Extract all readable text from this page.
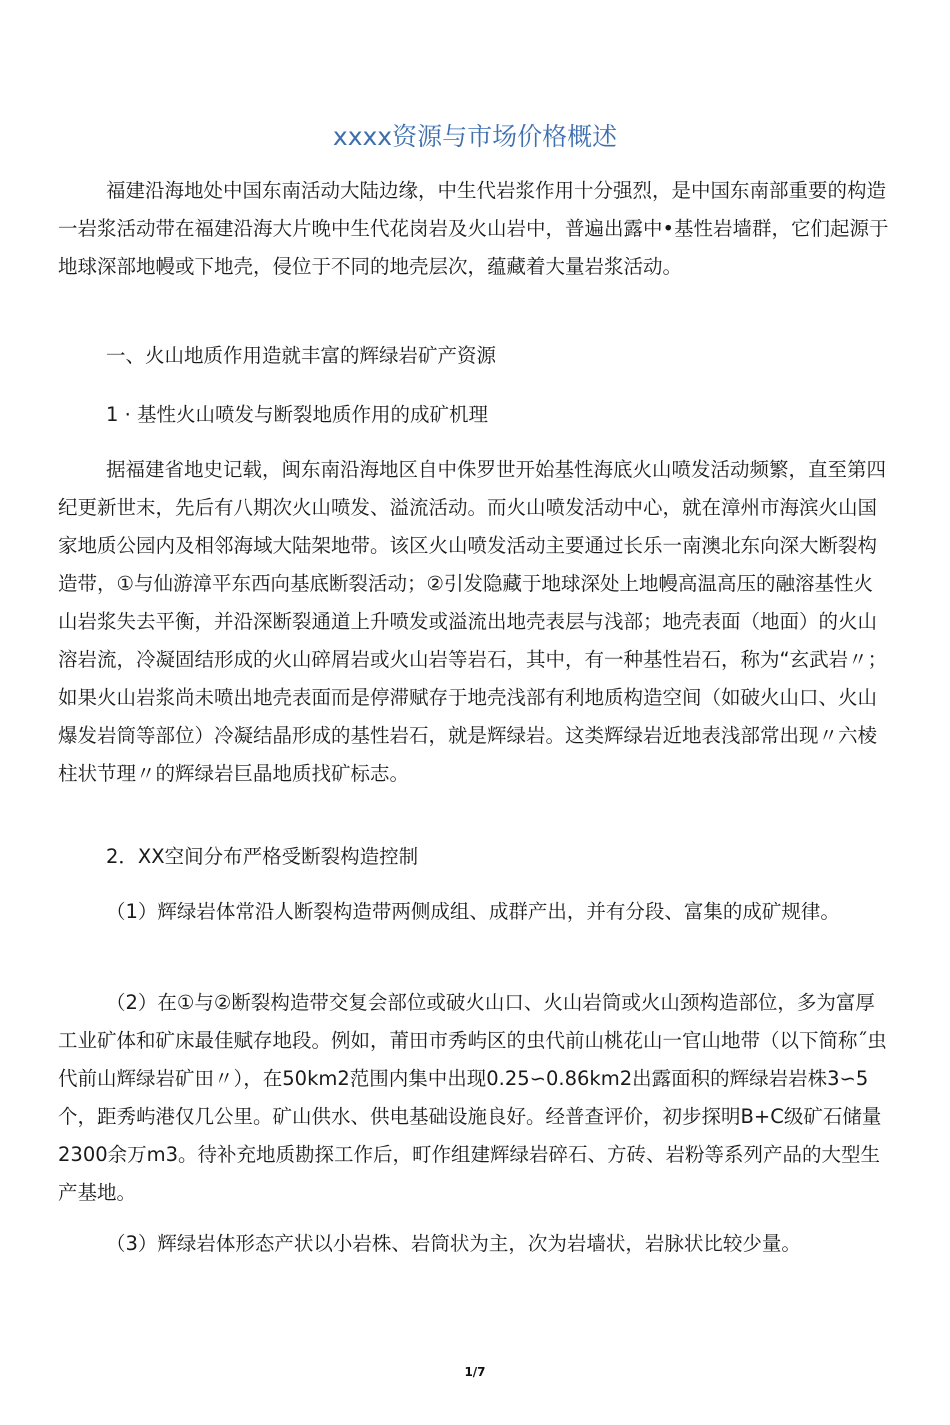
xxxx资源与市场价格概述
福建沿海地处中国东南活动大陆边缘，中生代岩浆作用十分强烈，是中国东南部重要的构造一岩浆活动带在福建沿海大片晚中生代花岗岩及火山岩中，普遍出露中•基性岩墙群，它们起源于地球深部地幔或下地壳，侵位于不同的地壳层次，蕴藏着大量岩浆活动。
一、火山地质作用造就丰富的辉绿岩矿产资源
1 · 基性火山喷发与断裂地质作用的成矿机理
据福建省地史记载，闽东南沿海地区自中侏罗世开始基性海底火山喷发活动频繁，直至第四纪更新世末，先后有八期次火山喷发、溢流活动。而火山喷发活动中心，就在漳州市海滨火山国家地质公园内及相邻海域大陆架地带。该区火山喷发活动主要通过长乐一南澳北东向深大断裂构造带，①与仙游漳平东西向基底断裂活动；②引发隐藏于地球深处上地幔高温高压的融溶基性火山岩浆失去平衡，并沿深断裂通道上升喷发或溢流出地壳表层与浅部；地壳表面（地面）的火山溶岩流，冷凝固结形成的火山碎屑岩或火山岩等岩石，其中，有一种基性岩石，称为“玄武岩〃；如果火山岩浆尚未喷出地壳表面而是停滞赋存于地壳浅部有利地质构造空间（如破火山口、火山爆发岩筒等部位）冷凝结晶形成的基性岩石，就是辉绿岩。这类辉绿岩近地表浅部常出现〃六棱柱状节理〃的辉绿岩巨晶地质找矿标志。
2．XX空间分布严格受断裂构造控制
（1）辉绿岩体常沿人断裂构造带两侧成组、成群产出，并有分段、富集的成矿规律。
（2）在①与②断裂构造带交复会部位或破火山口、火山岩筒或火山颈构造部位，多为富厚工业矿体和矿床最佳赋存地段。例如，莆田市秀屿区的虫代前山桃花山一官山地带（以下简称˝虫代前山辉绿岩矿田〃），在50km2范围内集中出现0.25∽0.86km2出露面积的辉绿岩岩株3∽5个，距秀屿港仅几公里。矿山供水、供电基础设施良好。经普查评价，初步探明B+C级矿石储量2300余万m3。待补充地质勘探工作后，町作组建辉绿岩碎石、方砖、岩粉等系列产品的大型生产基地。
（3）辉绿岩体形态产状以小岩株、岩筒状为主，次为岩墙状，岩脉状比较少量。
1/7
